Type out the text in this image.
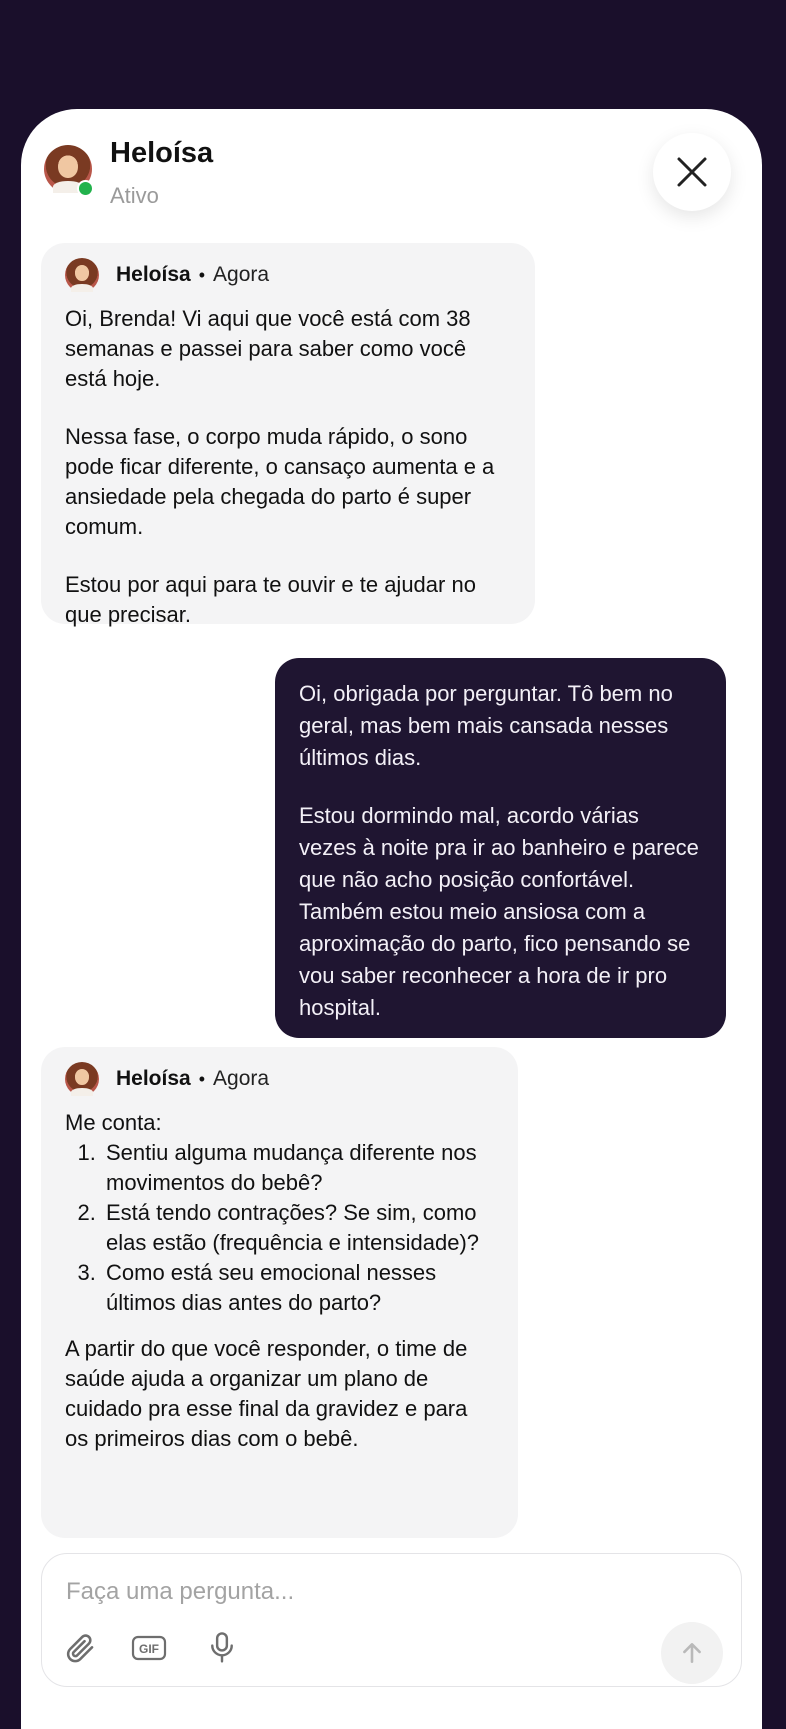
Heloísa
Ativo
Heloísa • Agora

Oi, Brenda! Vi aqui que você está com 38 semanas e passei para saber como você está hoje.

Nessa fase, o corpo muda rápido, o sono pode ficar diferente, o cansaço aumenta e a ansiedade pela chegada do parto é super comum.

Estou por aqui para te ouvir e te ajudar no que precisar.

Oi, obrigada por perguntar. Tô bem no geral, mas bem mais cansada nesses últimos dias.

Estou dormindo mal, acordo várias vezes à noite pra ir ao banheiro e parece que não acho posição confortável. Também estou meio ansiosa com a aproximação do parto, fico pensando se vou saber reconhecer a hora de ir pro hospital.

Heloísa • Agora

Me conta:

1. Sentiu alguma mudança diferente nos movimentos do bebê?
2. Está tendo contrações? Se sim, como elas estão (frequência e intensidade)?
3. Como está seu emocional nesses últimos dias antes do parto?

A partir do que você responder, o time de saúde ajuda a organizar um plano de cuidado pra esse final da gravidez e para os primeiros dias com o bebê.

Faça uma pergunta...
GIF
